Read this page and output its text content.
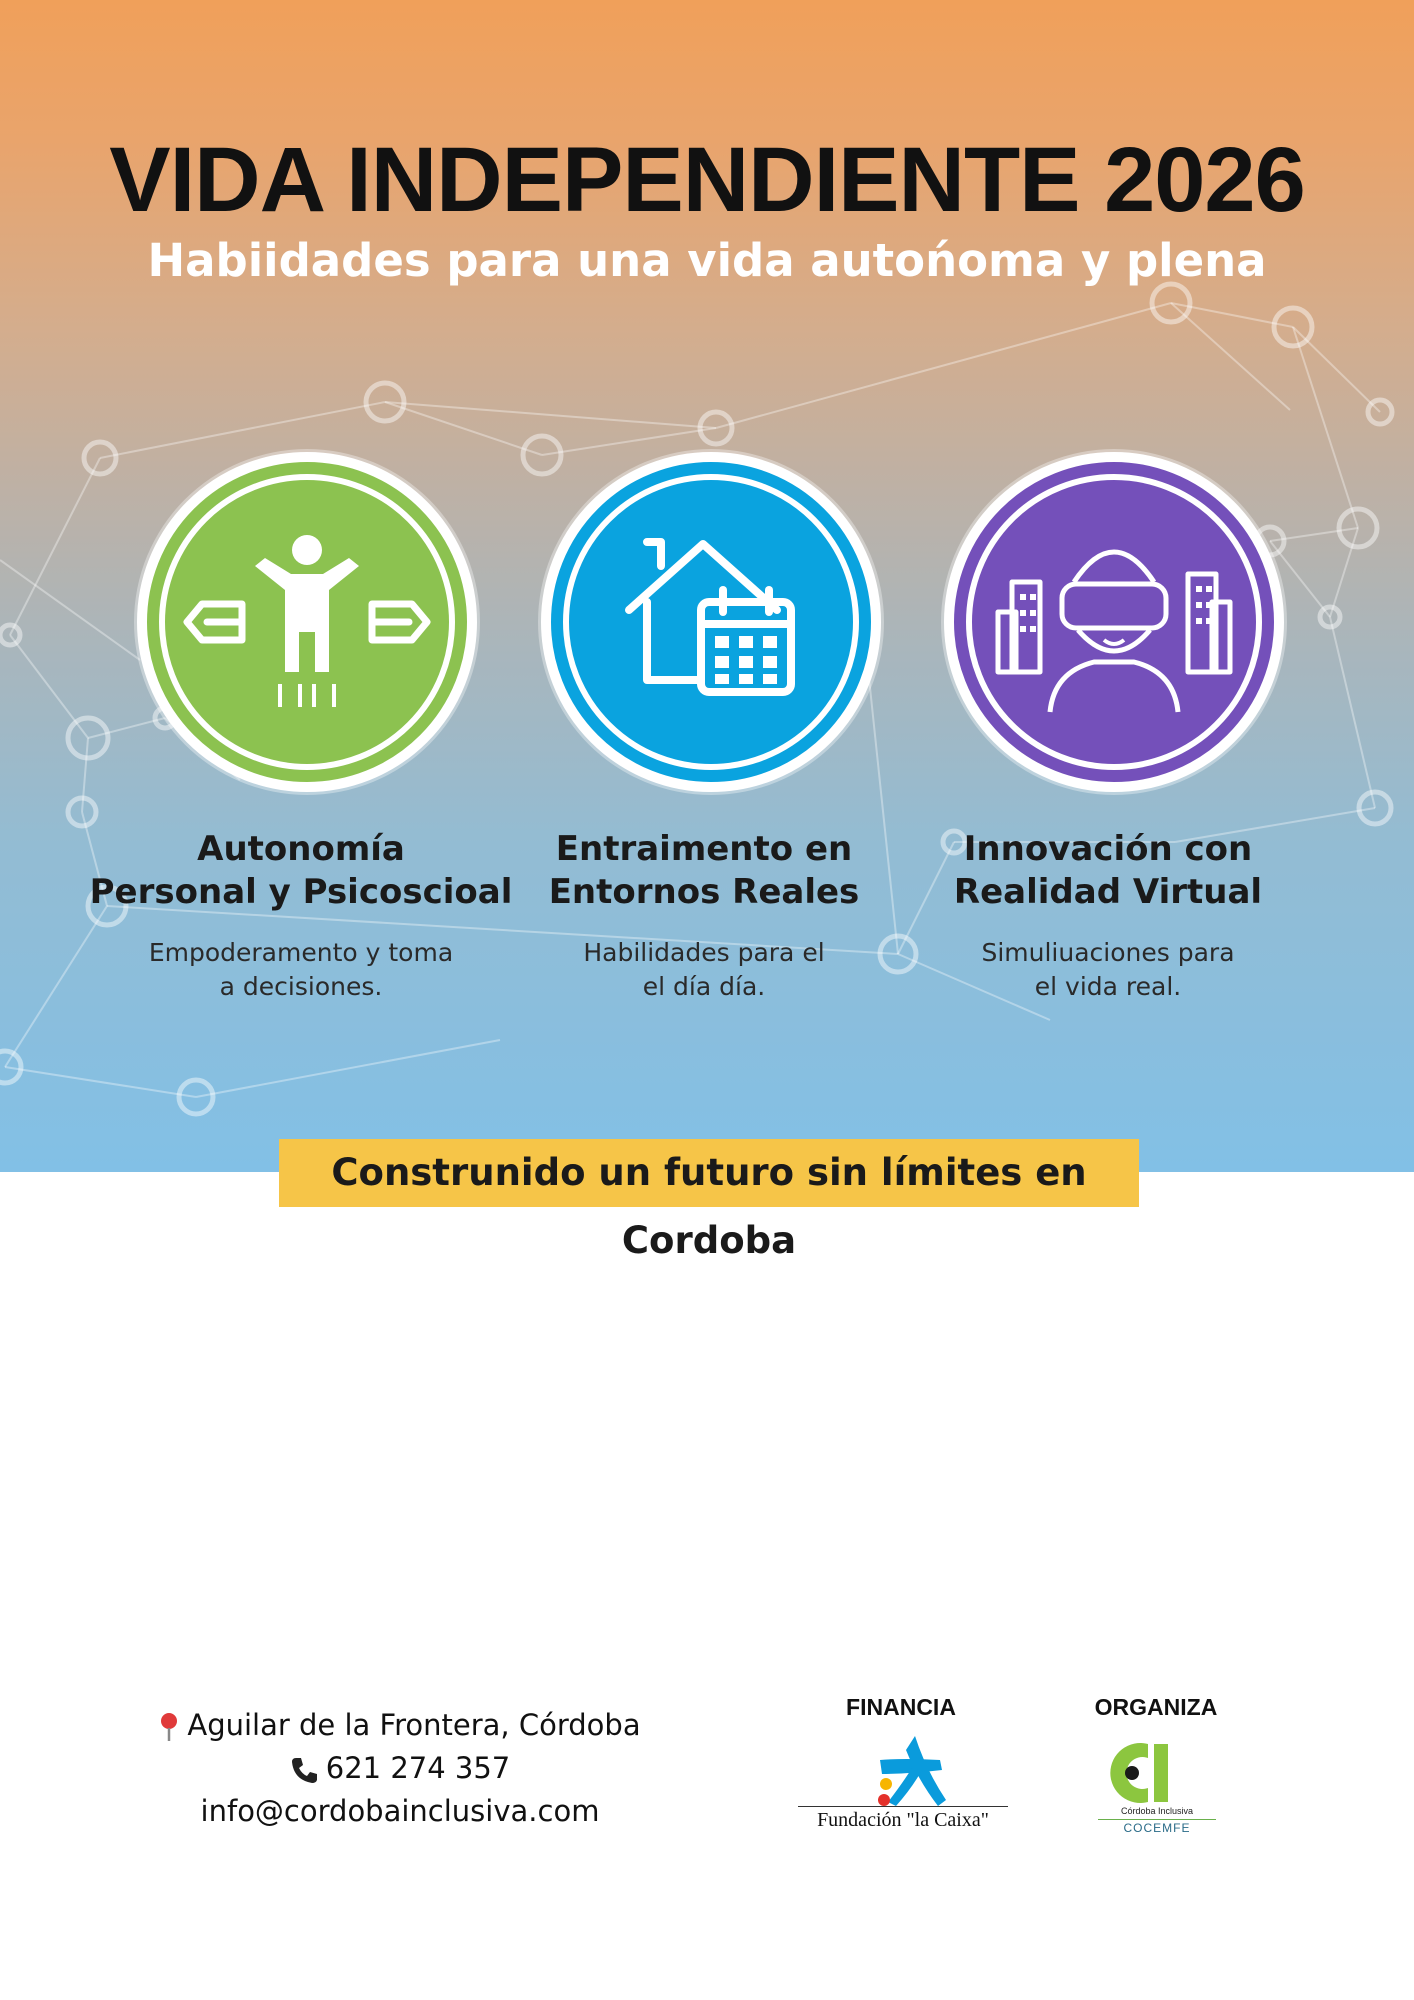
VIDA INDEPENDIENTE 2026
Habiidades para una vida autońoma y plena
Autonomía
Personal y Psicoscioal

Empoderamento y toma
a decisiones.

Entraimento en
Entornos Reales

Habilidades para el
el día día.

Innovación con
Realidad Virtual

Simuliuaciones para
el vida real.

Construnido un futuro sin límites en Cordoba
Aguilar de la Frontera, Córdoba
621 274 357
info@cordobainclusiva.com
FINANCIA
Fundación "la Caixa"
ORGANIZA
Córdoba Inclusiva
COCEMFE
